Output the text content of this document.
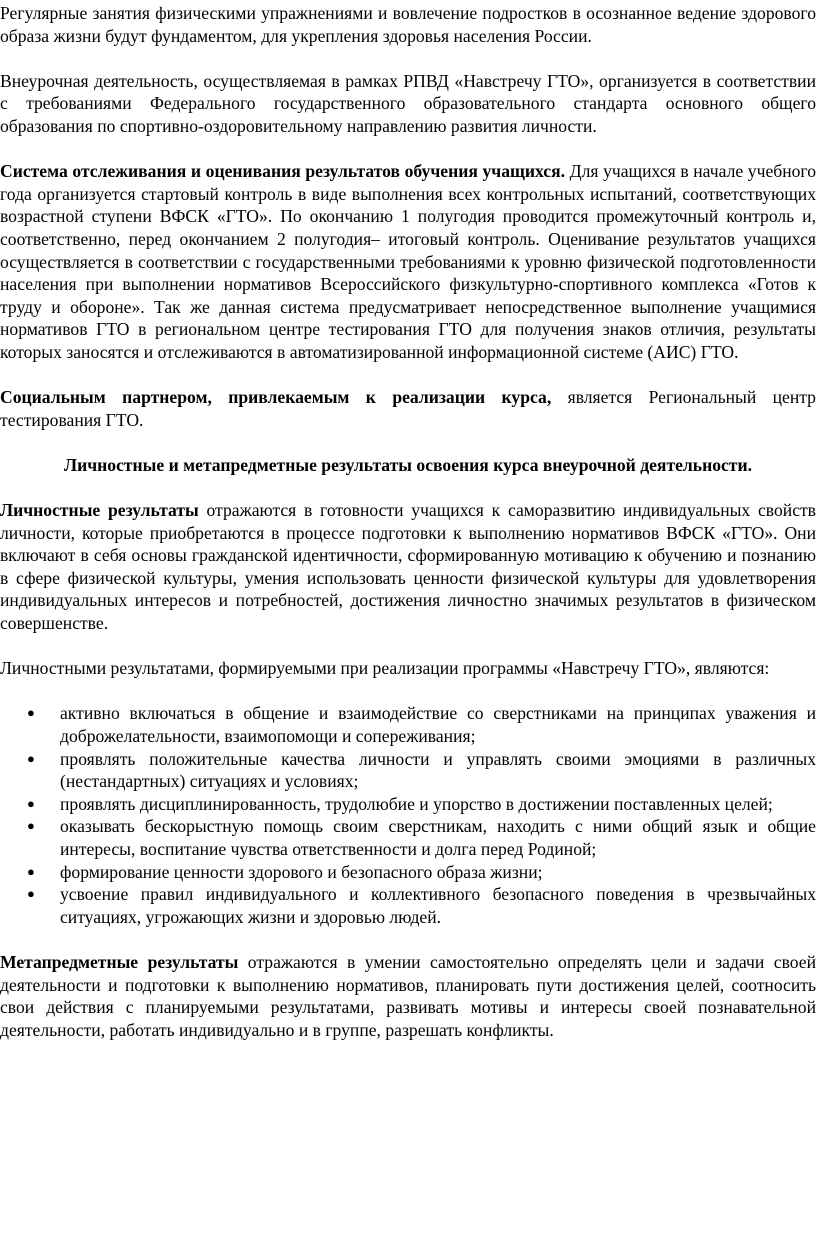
Регулярные занятия физическими упражнениями и вовлечение подростков в осознанное ведение здорового образа жизни будут фундаментом, для укрепления здоровья населения России.

Внеурочная деятельность, осуществляемая в рамках РПВД «Навстречу ГТО», организуется в соответствии с требованиями Федерального государственного образовательного стандарта основного общего образования по спортивно-оздоровительному направлению развития личности.

Система отслеживания и оценивания результатов обучения учащихся. Для учащихся в начале учебного года организуется стартовый контроль в виде выполнения всех контрольных испытаний, соответствующих возрастной ступени ВФСК «ГТО». По окончанию 1 полугодия проводится промежуточный контроль и, соответственно, перед окончанием 2 полугодия– итоговый контроль. Оценивание результатов учащихся осуществляется в соответствии с государственными требованиями к уровню физической подготовленности населения при выполнении нормативов Всероссийского физкультурно-спортивного комплекса «Готов к труду и обороне». Так же данная система предусматривает непосредственное выполнение учащимися нормативов ГТО в региональном центре тестирования ГТО для получения знаков отличия, результаты которых заносятся и отслеживаются в автоматизированной информационной системе (АИС) ГТО.

Социальным партнером, привлекаемым к реализации курса, является Региональный центр тестирования ГТО.

Личностные и метапредметные результаты освоения курса внеурочной деятельности.

Личностные результаты отражаются в готовности учащихся к саморазвитию индивидуальных свойств личности, которые приобретаются в процессе подготовки к выполнению нормативов ВФСК «ГТО». Они включают в себя основы гражданской идентичности, сформированную мотивацию к обучению и познанию в сфере физической культуры, умения использовать ценности физической культуры для удовлетворения индивидуальных интересов и потребностей, достижения личностно значимых результатов в физическом совершенстве.

Личностными результатами, формируемыми при реализации программы «Навстречу ГТО», являются:

● активно включаться в общение и взаимодействие со сверстниками на принципах уважения и доброжелательности, взаимопомощи и сопереживания;
● проявлять положительные качества личности и управлять своими эмоциями в различных (нестандартных) ситуациях и условиях;
● проявлять дисциплинированность, трудолюбие и упорство в достижении поставленных целей;
● оказывать бескорыстную помощь своим сверстникам, находить с ними общий язык и общие интересы, воспитание чувства ответственности и долга перед Родиной;
● формирование ценности здорового и безопасного образа жизни;
● усвоение правил индивидуального и коллективного безопасного поведения в чрезвычайных ситуациях, угрожающих жизни и здоровью людей.

Метапредметные результаты отражаются в умении самостоятельно определять цели и задачи своей деятельности и подготовки к выполнению нормативов, планировать пути достижения целей, соотносить свои действия с планируемыми результатами, развивать мотивы и интересы своей познавательной деятельности, работать индивидуально и в группе, разрешать конфликты.
